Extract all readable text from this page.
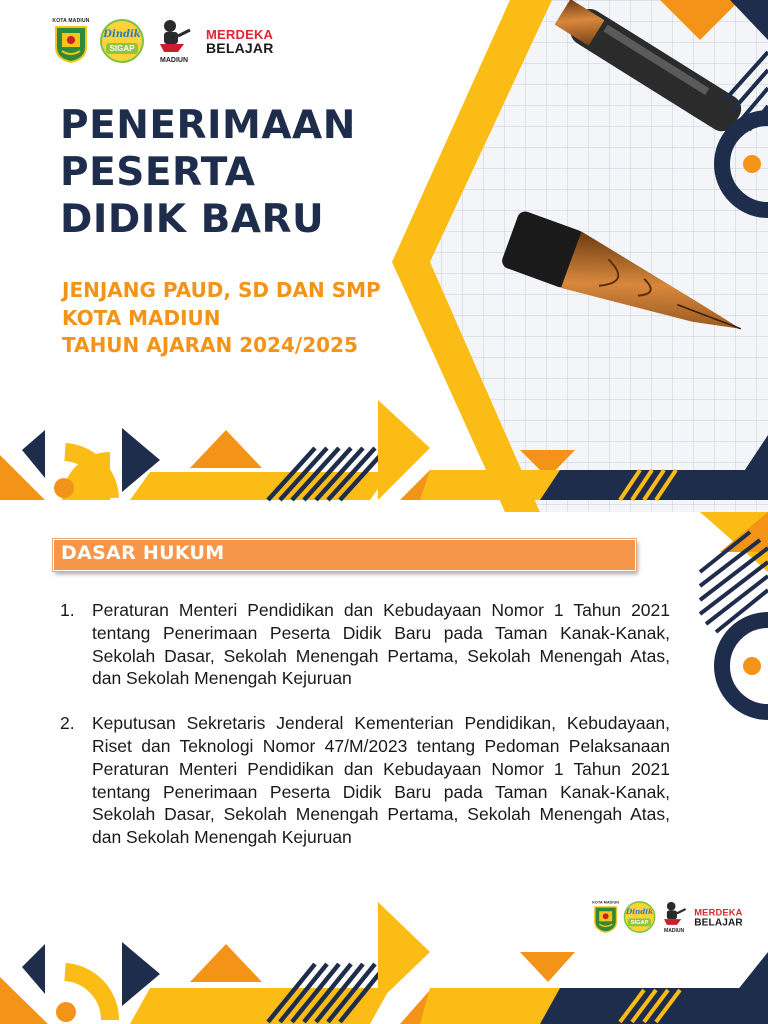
KOTA MADIUN
Dindik
SIGAP
MADIUN
MERDEKA
BELAJAR
PENERIMAAN
PESERTA
DIDIK BARU
JENJANG PAUD, SD DAN SMP
KOTA MADIUN
TAHUN AJARAN 2024/2025
DASAR HUKUM
1. Peraturan Menteri Pendidikan dan Kebudayaan Nomor 1 Tahun 2021 tentang Penerimaan Peserta Didik Baru pada Taman Kanak-Kanak, Sekolah Dasar, Sekolah Menengah Pertama, Sekolah Menengah Atas, dan Sekolah Menengah Kejuruan
2. Keputusan Sekretaris Jenderal Kementerian Pendidikan, Kebudayaan, Riset dan Teknologi Nomor 47/M/2023 tentang Pedoman Pelaksanaan Peraturan Menteri Pendidikan dan Kebudayaan Nomor 1 Tahun 2021 tentang Penerimaan Peserta Didik Baru pada Taman Kanak-Kanak, Sekolah Dasar, Sekolah Menengah Pertama, Sekolah Menengah Atas, dan Sekolah Menengah Kejuruan
KOTA MADIUN
Dindik
SIGAP
MADIUN
MERDEKA
BELAJAR
